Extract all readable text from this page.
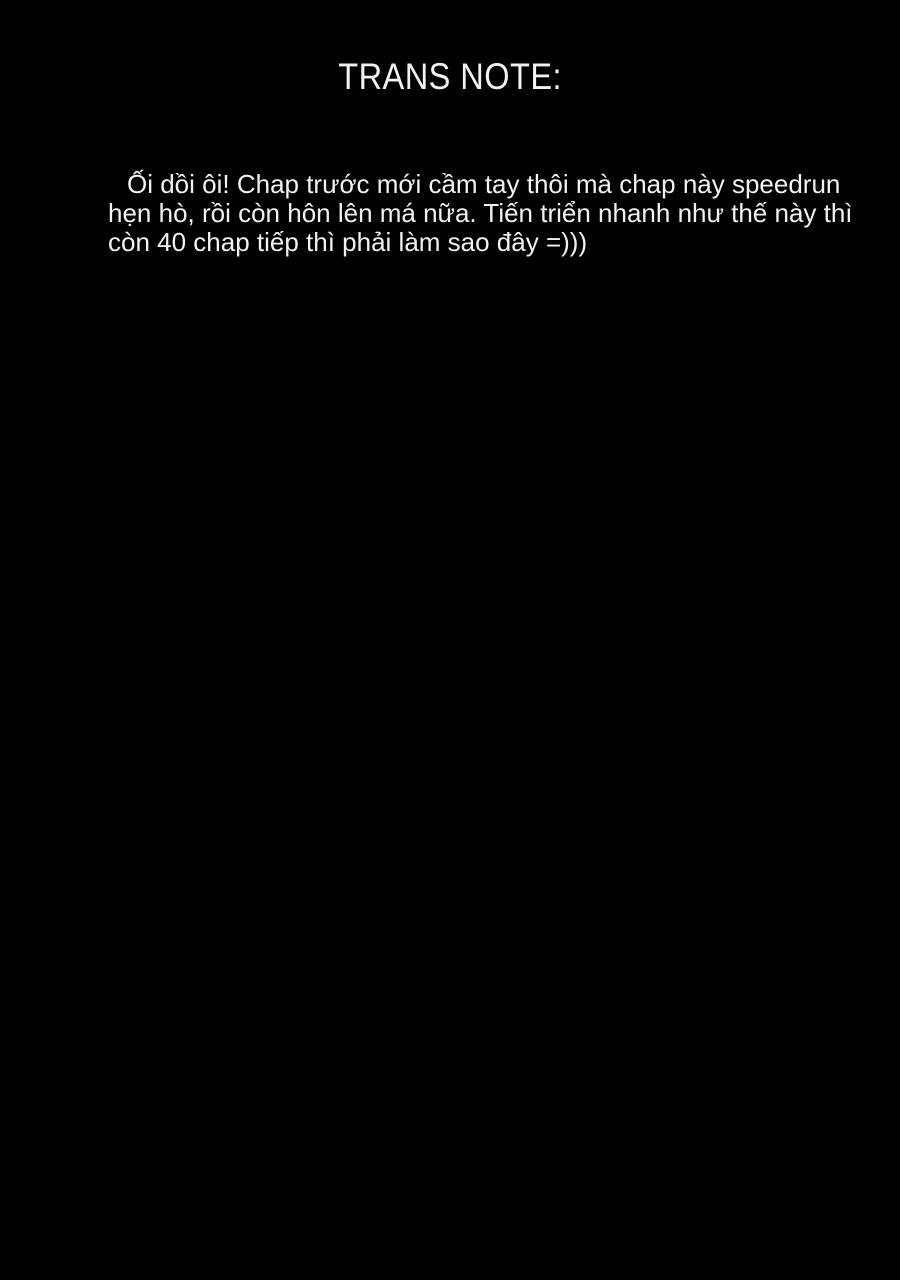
TRANS NOTE:

Ối dồi ôi! Chap trước mới cầm tay thôi mà chap này speedrun

hẹn hò, rồi còn hôn lên má nữa. Tiến triển nhanh như thế này thì

còn 40 chap tiếp thì phải làm sao đây =)))
